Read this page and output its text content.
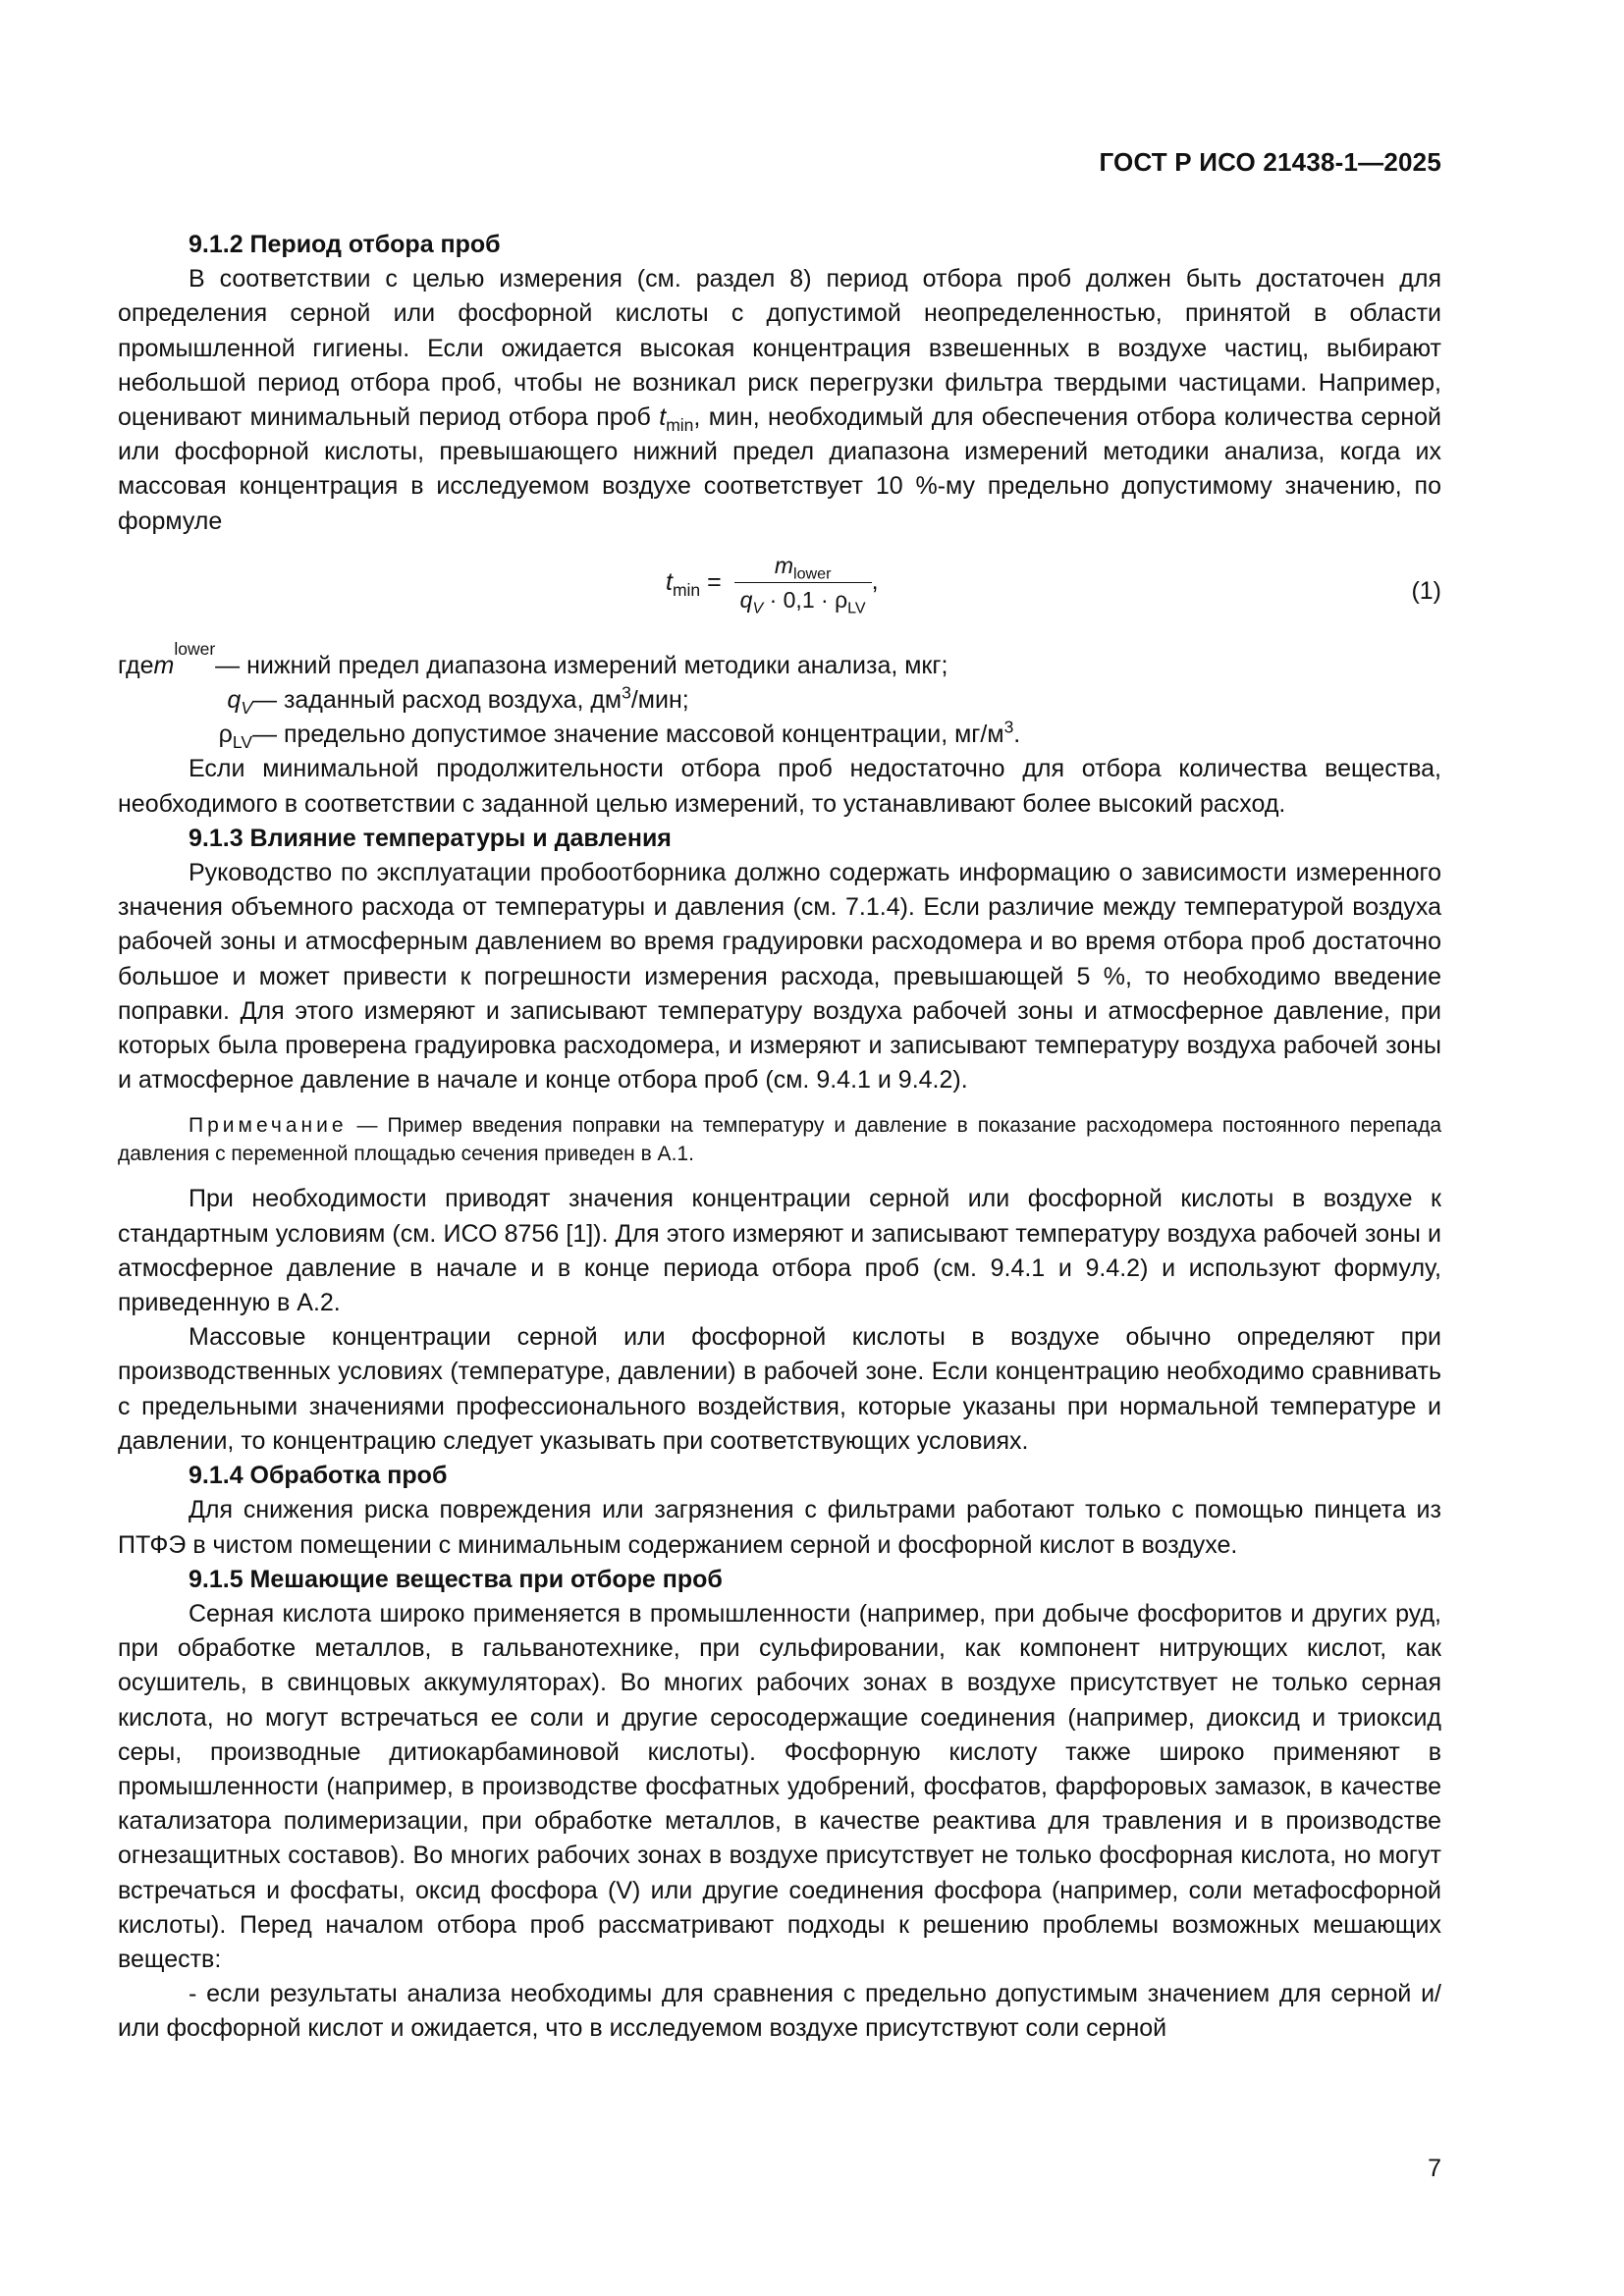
ГОСТ Р ИСО 21438-1—2025

9.1.2 Период отбора проб

В соответствии с целью измерения (см. раздел 8) период отбора проб должен быть достаточен для определения серной или фосфорной кислоты с допустимой неопределенностью, принятой в области промышленной гигиены. Если ожидается высокая концентрация взвешенных в воздухе частиц, выбирают небольшой период отбора проб, чтобы не возникал риск перегрузки фильтра твердыми частицами. Например, оценивают минимальный период отбора проб $t_{min}$, мин, необходимый для обеспечения отбора количества серной или фосфорной кислоты, превышающего нижний предел диапазона измерений методики анализа, когда их массовая концентрация в исследуемом воздухе соответствует 10 %-му предельно допустимому значению, по формуле

$t_{min} = \frac{m_{lower}}{q_V \cdot 0,1 \cdot \rho_{LV}}$ ,	(1)
где m
lower
— нижний предел диапазона измерений методики анализа, мкг;
$q_V$ — заданный расход воздуха, $дм^3$/мин;
$\rho_{LV}$ — предельно допустимое значение массовой концентрации, $мг/м^3$.

Если минимальной продолжительности отбора проб недостаточно для отбора количества вещества, необходимого в соответствии с заданной целью измерений, то устанавливают более высокий расход.

9.1.3 Влияние температуры и давления

Руководство по эксплуатации пробоотборника должно содержать информацию о зависимости измеренного значения объемного расхода от температуры и давления (см. 7.1.4). Если различие между температурой воздуха рабочей зоны и атмосферным давлением во время градуировки расходомера и во время отбора проб достаточно большое и может привести к погрешности измерения расхода, превышающей 5 %, то необходимо введение поправки. Для этого измеряют и записывают температуру воздуха рабочей зоны и атмосферное давление, при которых была проверена градуировка расходомера, и измеряют и записывают температуру воздуха рабочей зоны и атмосферное давление в начале и конце отбора проб (см. 9.4.1 и 9.4.2).

Примечание — Пример введения поправки на температуру и давление в показание расходомера постоянного перепада давления с переменной площадью сечения приведен в А.1.

При необходимости приводят значения концентрации серной или фосфорной кислоты в воздухе к стандартным условиям (см. ИСО 8756 [1]). Для этого измеряют и записывают температуру воздуха рабочей зоны и атмосферное давление в начале и в конце периода отбора проб (см. 9.4.1 и 9.4.2) и используют формулу, приведенную в А.2.

Массовые концентрации серной или фосфорной кислоты в воздухе обычно определяют при производственных условиях (температуре, давлении) в рабочей зоне. Если концентрацию необходимо сравнивать с предельными значениями профессионального воздействия, которые указаны при нормальной температуре и давлении, то концентрацию следует указывать при соответствующих условиях.

9.1.4 Обработка проб

Для снижения риска повреждения или загрязнения с фильтрами работают только с помощью пинцета из ПТФЭ в чистом помещении с минимальным содержанием серной и фосфорной кислот в воздухе.

9.1.5 Мешающие вещества при отборе проб

Серная кислота широко применяется в промышленности (например, при добыче фосфоритов и других руд, при обработке металлов, в гальванотехнике, при сульфировании, как компонент нитрующих кислот, как осушитель, в свинцовых аккумуляторах). Во многих рабочих зонах в воздухе присутствует не только серная кислота, но могут встречаться ее соли и другие серосодержащие соединения (например, диоксид и триоксид серы, производные дитиокарбаминовой кислоты). Фосфорную кислоту также широко применяют в промышленности (например, в производстве фосфатных удобрений, фосфатов, фарфоровых замазок, в качестве катализатора полимеризации, при обработке металлов, в качестве реактива для травления и в производстве огнезащитных составов). Во многих рабочих зонах в воздухе присутствует не только фосфорная кислота, но могут встречаться и фосфаты, оксид фосфора (V) или другие соединения фосфора (например, соли метафосфорной кислоты). Перед началом отбора проб рассматривают подходы к решению проблемы возможных мешающих веществ:

- если результаты анализа необходимы для сравнения с предельно допустимым значением для серной и/или фосфорной кислот и ожидается, что в исследуемом воздухе присутствуют соли серной

7
